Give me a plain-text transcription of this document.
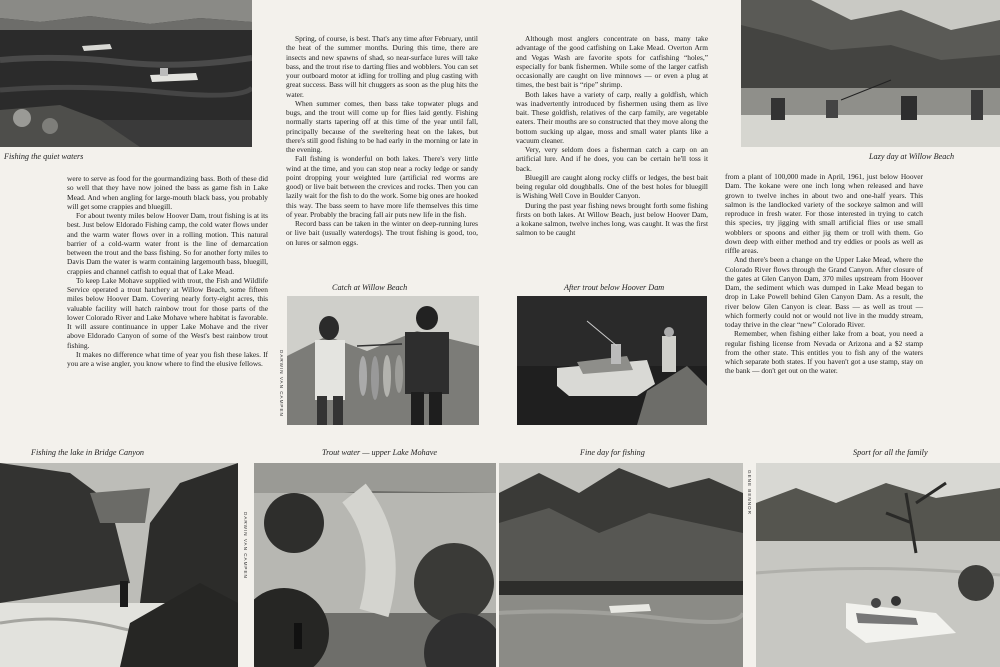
Fishing the quiet waters	Lazy day at Willow Beach

were to serve as food for the gourmandizing bass. Both of these did so well that they have now joined the bass as game fish in Lake Mead. And when angling for large-mouth black bass, you probably will get some crappies and bluegill.

For about twenty miles below Hoover Dam, trout fishing is at its best. Just below Eldorado Fishing camp, the cold water flows under and the warm water flows over in a rolling motion. This natural barrier of a cold-warm water front is the line of demarcation between the trout and the bass fishing. So for another forty miles to Davis Dam the water is warm containing largemouth bass, bluegill, crappies and channel catfish to equal that of Lake Mead.

To keep Lake Mohave supplied with trout, the Fish and Wildlife Service operated a trout hatchery at Willow Beach, some fifteen miles below Hoover Dam. Covering nearly forty-eight acres, this valuable facility will hatch rainbow trout for those parts of the lower Colorado River and Lake Mohave where habitat is favorable. It will assure continuance in upper Lake Mohave and the river above Eldorado Canyon of some of the West's best rainbow trout fishing.

It makes no difference what time of year you fish these lakes. If you are a wise angler, you know where to find the elusive fellows.

Spring, of course, is best. That's any time after February, until the heat of the summer months. During this time, there are insects and new spawns of shad, so near-surface lures will take bass, and the trout rise to darting flies and wobblers. You can set your outboard motor at idling for trolling and plug casting with great success. Bass will hit chuggers as soon as the plug hits the water.

When summer comes, then bass take topwater plugs and bugs, and the trout will come up for flies laid gently. Fishing normally starts tapering off at this time of the year until fall, principally because of the sweltering heat on the lakes, but there's still good fishing to be had early in the morning or late in the evening.

Fall fishing is wonderful on both lakes. There's very little wind at the time, and you can stop near a rocky ledge or sandy point dropping your weighted lure (artificial red worms are good) or live bait between the crevices and rocks. Then you can lazily wait for the fish to do the work. Some big ones are hooked this way. The bass seem to have more life themselves this time of year. Probably the bracing fall air puts new life in the fish.

Record bass can be taken in the winter on deep-running lures or live bait (usually waterdogs). The trout fishing is good, too, on lures or salmon eggs.

Although most anglers concentrate on bass, many take advantage of the good catfishing on Lake Mead. Overton Arm and Vegas Wash are favorite spots for catfishing “holes,” especially for bank fishermen. While some of the larger catfish occasionally are caught on live minnows — or even a plug at times, the best bait is “ripe” shrimp.

Both lakes have a variety of carp, really a goldfish, which was inadvertently introduced by fishermen using them as live bait. These goldfish, relatives of the carp family, are vegetable eaters. Their mouths are so constructed that they move along the bottom sucking up algae, moss and small water plants like a vacuum cleaner.

Very, very seldom does a fisherman catch a carp on an artificial lure. And if he does, you can be certain he'll toss it back.

Bluegill are caught along rocky cliffs or ledges, the best bait being regular old doughballs. One of the best holes for bluegill is Wishing Well Cove in Boulder Canyon.

During the past year fishing news brought forth some fishing firsts on both lakes. At Willow Beach, just below Hoover Dam, a kokane salmon, twelve inches long, was caught. It was the first salmon to be caught

from a plant of 100,000 made in April, 1961, just below Hoover Dam. The kokane were one inch long when released and have grown to twelve inches in about two and one-half years. This salmon is the landlocked variety of the sockeye salmon and will reproduce in fresh water. For those interested in trying to catch this species, try jigging with small artificial flies or use small wobblers or spoons and either jig them or troll with them. Go down deep with either method and try eddies or pools as well as riffle areas.

And there's been a change on the Upper Lake Mead, where the Colorado River flows through the Grand Canyon. After closure of the gates at Glen Canyon Dam, 370 miles upstream from Hoover Dam, the sediment which was dumped in Lake Mead began to drop in Lake Powell behind Glen Canyon Dam. As a result, the river below Glen Canyon is clear. Bass — as well as trout — which formerly could not or would not live in the muddy stream, today thrive in the clear “new” Colorado River.

Remember, when fishing either lake from a boat, you need a regular fishing license from Nevada or Arizona and a $2 stamp from the other state. This entitles you to fish any of the waters which separate both states. If you haven't got a use stamp, stay on the bank — don't get out on the water.

Catch at Willow Beach
DARWIN VAN CAMPEN
After trout below Hoover Dam
Fishing the lake in Bridge Canyon	Trout water — upper Lake Mohave	Fine day for fishing	Sport for all the family
DARWIN VAN CAMPEN
GENE BENNOR
